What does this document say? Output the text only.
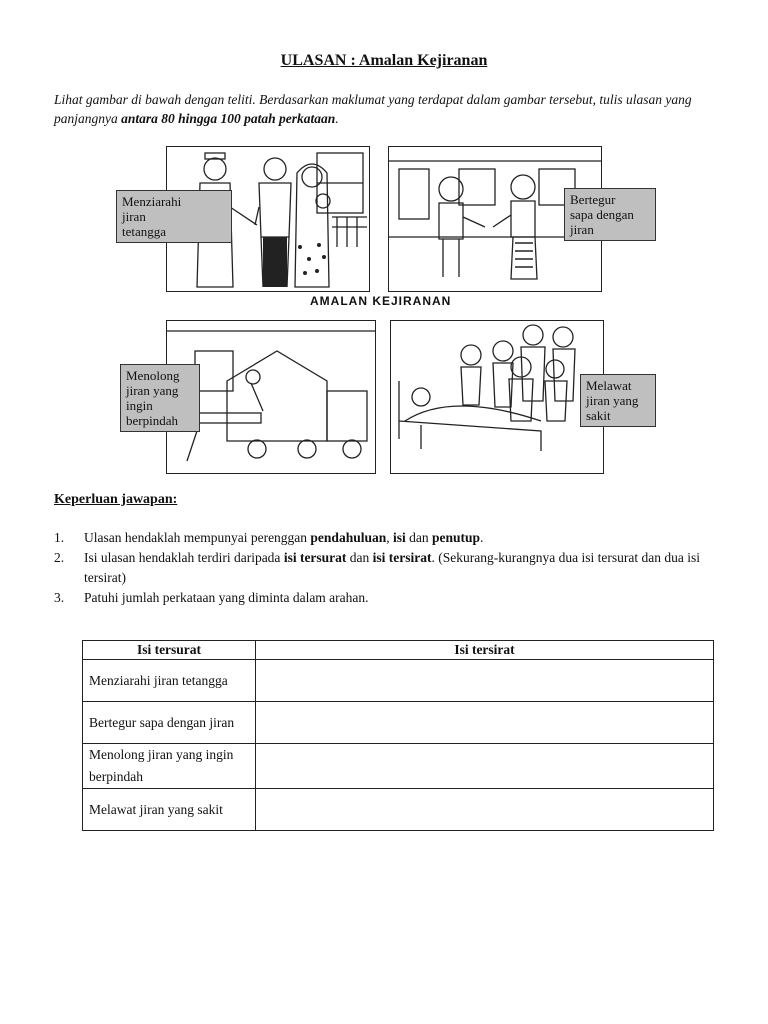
ULASAN : Amalan Kejiranan

Lihat gambar di bawah dengan teliti. Berdasarkan maklumat yang terdapat dalam gambar tersebut, tulis ulasan yang panjangnya antara 80 hingga 100 patah perkataan.

AMALAN KEJIRANAN
Menziarahi
jiran
tetangga
Bertegur
sapa dengan
jiran
Menolong
jiran yang
ingin
berpindah
Melawat
jiran yang
sakit
Keperluan jawapan:
1. Ulasan hendaklah mempunyai perenggan pendahuluan, isi dan penutup.
2. Isi ulasan hendaklah terdiri daripada isi tersurat dan isi tersirat. (Sekurang-kurangnya dua isi tersurat dan dua isi tersirat)
3. Patuhi jumlah perkataan yang diminta dalam arahan.
Isi tersurat	Isi tersirat
Menziarahi jiran tetangga	
Bertegur sapa dengan jiran	
Menolong jiran yang ingin berpindah	
Melawat jiran yang sakit	
